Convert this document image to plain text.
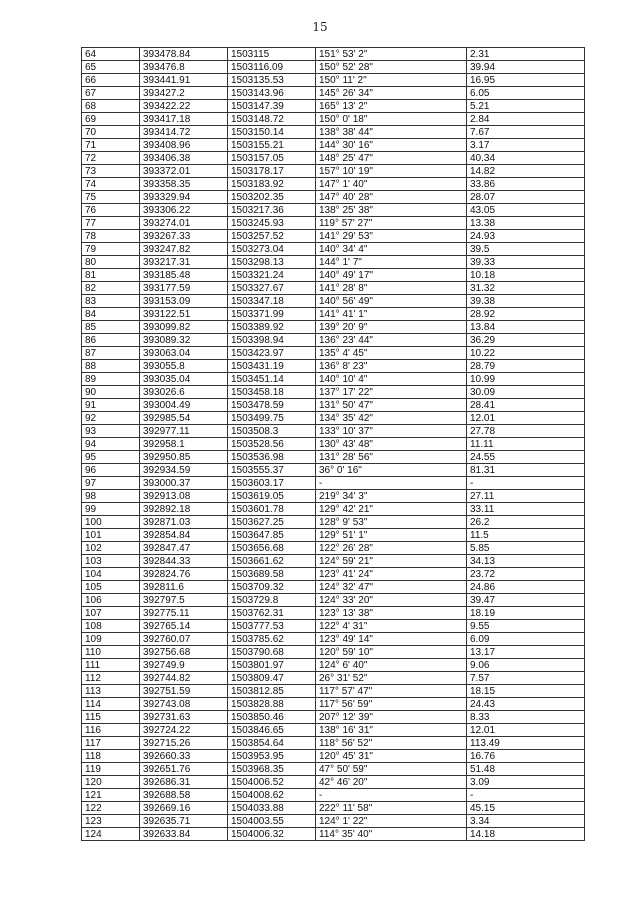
15
64	393478.84	1503115	151° 53' 2"	2.31
65	393476.8	1503116.09	150° 52' 28"	39.94
66	393441.91	1503135.53	150° 11' 2"	16.95
67	393427.2	1503143.96	145° 26' 34"	6.05
68	393422.22	1503147.39	165° 13' 2"	5.21
69	393417.18	1503148.72	150° 0' 18"	2.84
70	393414.72	1503150.14	138° 38' 44"	7.67
71	393408.96	1503155.21	144° 30' 16"	3.17
72	393406.38	1503157.05	148° 25' 47"	40.34
73	393372.01	1503178.17	157° 10' 19"	14.82
74	393358.35	1503183.92	147° 1' 40"	33.86
75	393329.94	1503202.35	147° 40' 28"	28.07
76	393306.22	1503217.36	138° 25' 38"	43.05
77	393274.01	1503245.93	119° 57' 27"	13.38
78	393267.33	1503257.52	141° 29' 53"	24.93
79	393247.82	1503273.04	140° 34' 4"	39.5
80	393217.31	1503298.13	144° 1' 7"	39.33
81	393185.48	1503321.24	140° 49' 17"	10.18
82	393177.59	1503327.67	141° 28' 8"	31.32
83	393153.09	1503347.18	140° 56' 49"	39.38
84	393122.51	1503371.99	141° 41' 1"	28.92
85	393099.82	1503389.92	139° 20' 9"	13.84
86	393089.32	1503398.94	136° 23' 44"	36.29
87	393063.04	1503423.97	135° 4' 45"	10.22
88	393055.8	1503431.19	136° 8' 23"	28.79
89	393035.04	1503451.14	140° 10' 4"	10.99
90	393026.6	1503458.18	137° 17' 22"	30.09
91	393004.49	1503478.59	131° 50' 47"	28.41
92	392985.54	1503499.75	134° 35' 42"	12.01
93	392977.11	1503508.3	133° 10' 37"	27.78
94	392958.1	1503528.56	130° 43' 48"	11.11
95	392950.85	1503536.98	131° 28' 56"	24.55
96	392934.59	1503555.37	36° 0' 16"	81.31
97	393000.37	1503603.17	-	-
98	392913.08	1503619.05	219° 34' 3"	27.11
99	392892.18	1503601.78	129° 42' 21"	33.11
100	392871.03	1503627.25	128° 9' 53"	26.2
101	392854.84	1503647.85	129° 51' 1"	11.5
102	392847.47	1503656.68	122° 26' 28"	5.85
103	392844.33	1503661.62	124° 59' 21"	34.13
104	392824.76	1503689.58	123° 41' 24"	23.72
105	392811.6	1503709.32	124° 32' 47"	24.86
106	392797.5	1503729.8	124° 33' 20"	39.47
107	392775.11	1503762.31	123° 13' 38"	18.19
108	392765.14	1503777.53	122° 4' 31"	9.55
109	392760.07	1503785.62	123° 49' 14"	6.09
110	392756.68	1503790.68	120° 59' 10"	13.17
111	392749.9	1503801.97	124° 6' 40"	9.06
112	392744.82	1503809.47	26° 31' 52"	7.57
113	392751.59	1503812.85	117° 57' 47"	18.15
114	392743.08	1503828.88	117° 56' 59"	24.43
115	392731.63	1503850.46	207° 12' 39"	8.33
116	392724.22	1503846.65	138° 16' 31"	12.01
117	392715.26	1503854.64	118° 56' 52"	113.49
118	392660.33	1503953.95	120° 45' 31"	16.76
119	392651.76	1503968.35	47° 50' 59"	51.48
120	392686.31	1504006.52	42° 46' 20"	3.09
121	392688.58	1504008.62	-	-
122	392669.16	1504033.88	222° 11' 58"	45.15
123	392635.71	1504003.55	124° 1' 22"	3.34
124	392633.84	1504006.32	114° 35' 40"	14.18
